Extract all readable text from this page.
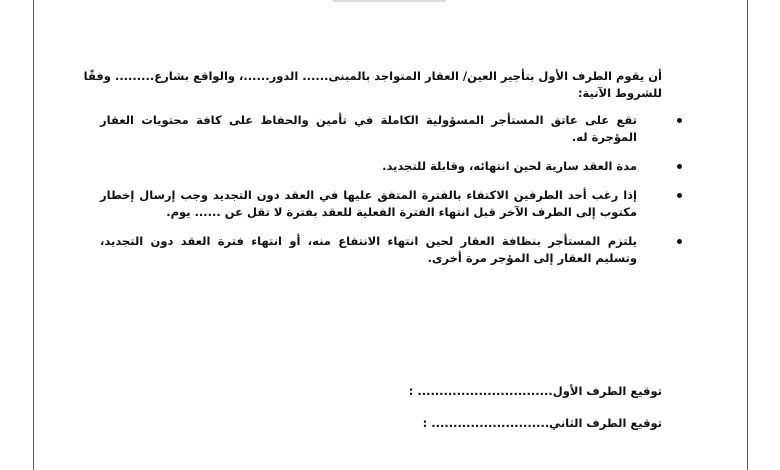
أن يقوم الطرف الأول بتأجير العين/ العقار المتواجد بالمبنى...... الدور......، والواقع بشارع......... وفقًا للشروط الآتية:

تقع على عاتق المستأجر المسؤولية الكاملة في تأمين والحفاظ على كافة محتويات العقار المؤجرة له.
مدة العقد سارية لحين انتهائه، وقابلة للتجديد.
إذا رغب أحد الطرفين الاكتفاء بالفترة المتفق عليها في العقد دون التجديد وجب إرسال إخطار مكتوب إلى الطرف الآخر قبل انتهاء الفترة الفعلية للعقد بفترة لا تقل عن ...... يوم.
يلتزم المستأجر بنظافة العقار لحين انتهاء الانتفاع منه، أو انتهاء فترة العقد دون التجديد، وتسليم العقار إلى المؤجر مرة أخرى.
توقيع الطرف الأول............................... :
توقيع الطرف الثاني........................... :
